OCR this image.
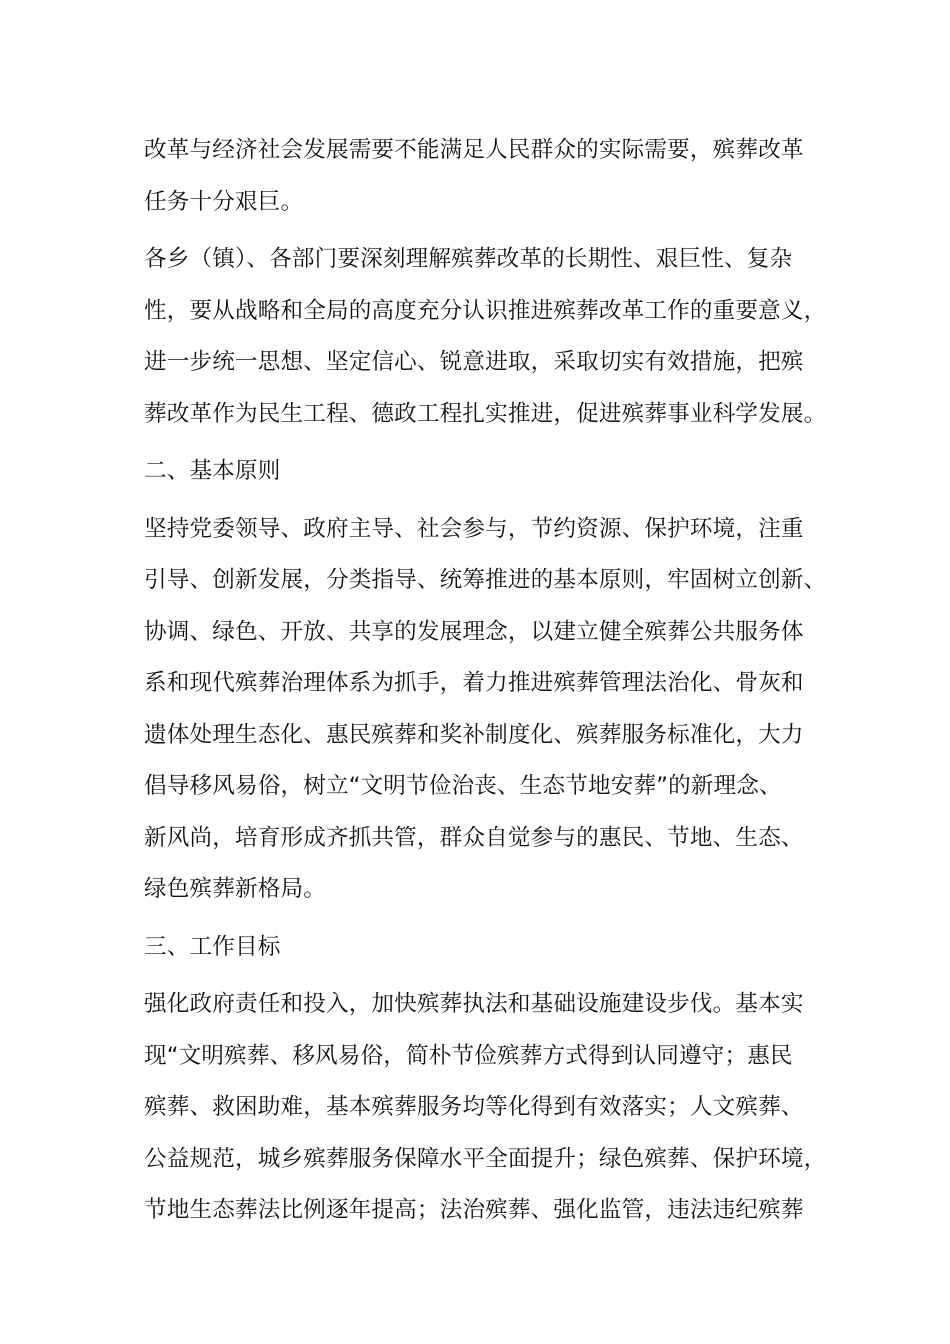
改革与经济社会发展需要不能满足人民群众的实际需要，殡葬改革
任务十分艰巨。
各乡（镇）、各部门要深刻理解殡葬改革的长期性、艰巨性、复杂
性，要从战略和全局的高度充分认识推进殡葬改革工作的重要意义，
进一步统一思想、坚定信心、锐意进取，采取切实有效措施，把殡
葬改革作为民生工程、德政工程扎实推进，促进殡葬事业科学发展。
二、基本原则
坚持党委领导、政府主导、社会参与，节约资源、保护环境，注重
引导、创新发展，分类指导、统筹推进的基本原则，牢固树立创新、
协调、绿色、开放、共享的发展理念，以建立健全殡葬公共服务体
系和现代殡葬治理体系为抓手，着力推进殡葬管理法治化、骨灰和
遗体处理生态化、惠民殡葬和奖补制度化、殡葬服务标准化，大力
倡导移风易俗，树立“文明节俭治丧、生态节地安葬”的新理念、
新风尚，培育形成齐抓共管，群众自觉参与的惠民、节地、生态、
绿色殡葬新格局。
三、工作目标
强化政府责任和投入，加快殡葬执法和基础设施建设步伐。基本实
现“文明殡葬、移风易俗，简朴节俭殡葬方式得到认同遵守；惠民
殡葬、救困助难，基本殡葬服务均等化得到有效落实；人文殡葬、
公益规范，城乡殡葬服务保障水平全面提升；绿色殡葬、保护环境，
节地生态葬法比例逐年提高；法治殡葬、强化监管，违法违纪殡葬
